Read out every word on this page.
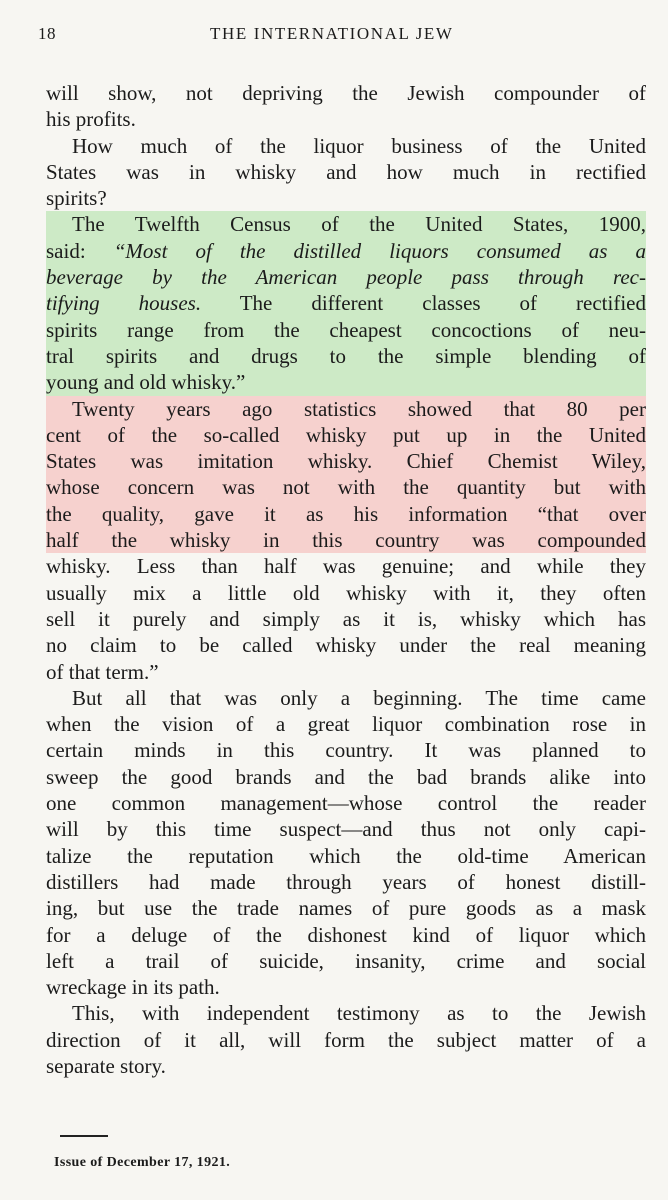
18	THE INTERNATIONAL JEW
will show, not depriving the Jewish compounder of
his profits.
How much of the liquor business of the United
States was in whisky and how much in rectified
spirits?
The Twelfth Census of the United States, 1900,
said: “Most of the distilled liquors consumed as a
beverage by the American people pass through rec-
tifying houses. The different classes of rectified
spirits range from the cheapest concoctions of neu-
tral spirits and drugs to the simple blending of
young and old whisky.”
Twenty years ago statistics showed that 80 per
cent of the so-called whisky put up in the United
States was imitation whisky. Chief Chemist Wiley,
whose concern was not with the quantity but with
the quality, gave it as his information “that over
half the whisky in this country was compounded
whisky. Less than half was genuine; and while they
usually mix a little old whisky with it, they often
sell it purely and simply as it is, whisky which has
no claim to be called whisky under the real meaning
of that term.”
But all that was only a beginning. The time came
when the vision of a great liquor combination rose in
certain minds in this country. It was planned to
sweep the good brands and the bad brands alike into
one common management—whose control the reader
will by this time suspect—and thus not only capi-
talize the reputation which the old-time American
distillers had made through years of honest distill-
ing, but use the trade names of pure goods as a mask
for a deluge of the dishonest kind of liquor which
left a trail of suicide, insanity, crime and social
wreckage in its path.
This, with independent testimony as to the Jewish
direction of it all, will form the subject matter of a
separate story.
Issue of December 17, 1921.
